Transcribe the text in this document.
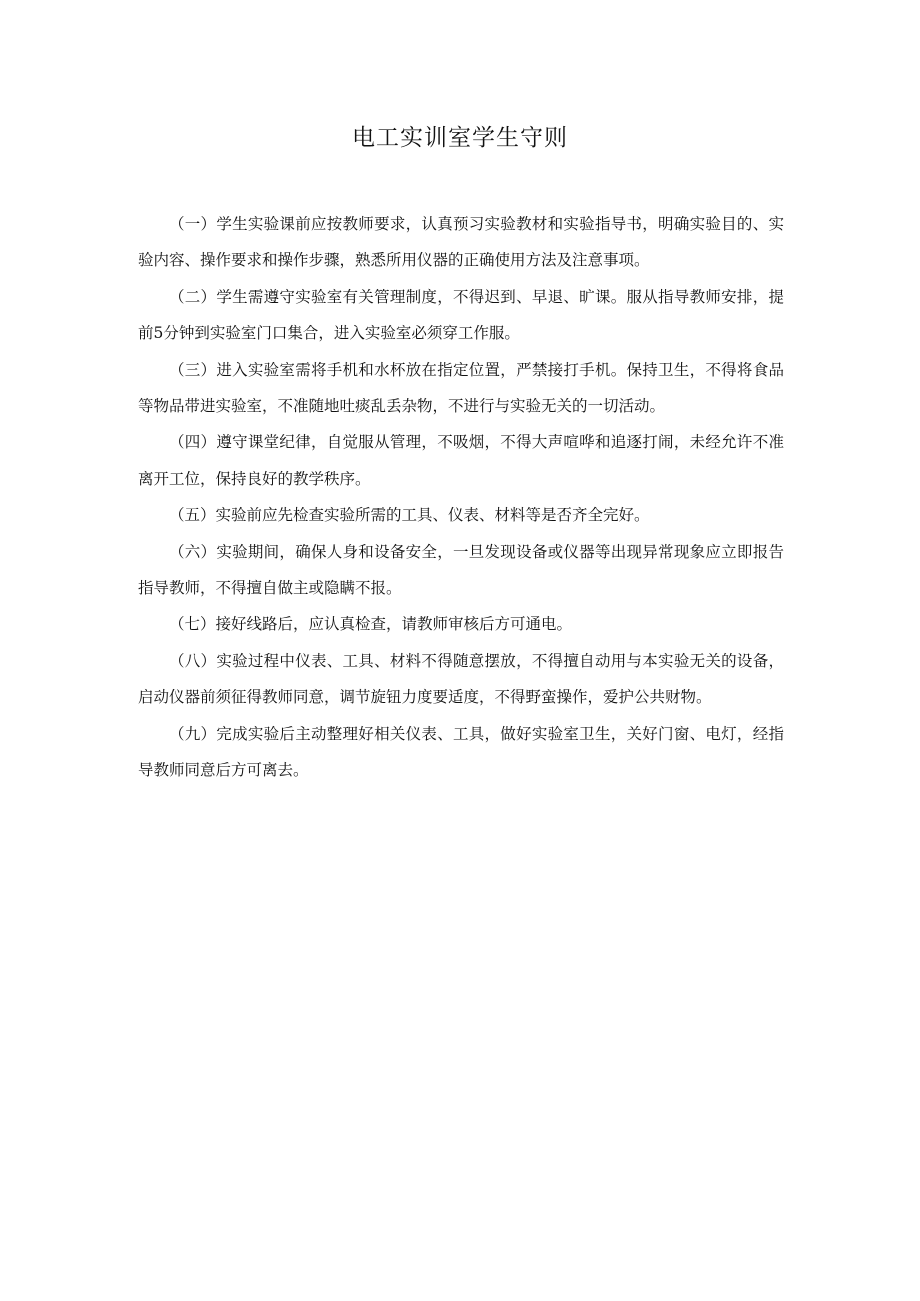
电工实训室学生守则
（一）学生实验课前应按教师要求，认真预习实验教材和实验指导书，明确实验目的、实验内容、操作要求和操作步骤，熟悉所用仪器的正确使用方法及注意事项。
（二）学生需遵守实验室有关管理制度，不得迟到、早退、旷课。服从指导教师安排，提前5分钟到实验室门口集合，进入实验室必须穿工作服。
（三）进入实验室需将手机和水杯放在指定位置，严禁接打手机。保持卫生，不得将食品等物品带进实验室，不准随地吐痰乱丢杂物，不进行与实验无关的一切活动。
（四）遵守课堂纪律，自觉服从管理，不吸烟，不得大声喧哗和追逐打闹，未经允许不准离开工位，保持良好的教学秩序。
（五）实验前应先检查实验所需的工具、仪表、材料等是否齐全完好。
（六）实验期间，确保人身和设备安全，一旦发现设备或仪器等出现异常现象应立即报告指导教师，不得擅自做主或隐瞒不报。
（七）接好线路后，应认真检查，请教师审核后方可通电。
（八）实验过程中仪表、工具、材料不得随意摆放，不得擅自动用与本实验无关的设备，启动仪器前须征得教师同意，调节旋钮力度要适度，不得野蛮操作，爱护公共财物。
（九）完成实验后主动整理好相关仪表、工具，做好实验室卫生，关好门窗、电灯，经指导教师同意后方可离去。
